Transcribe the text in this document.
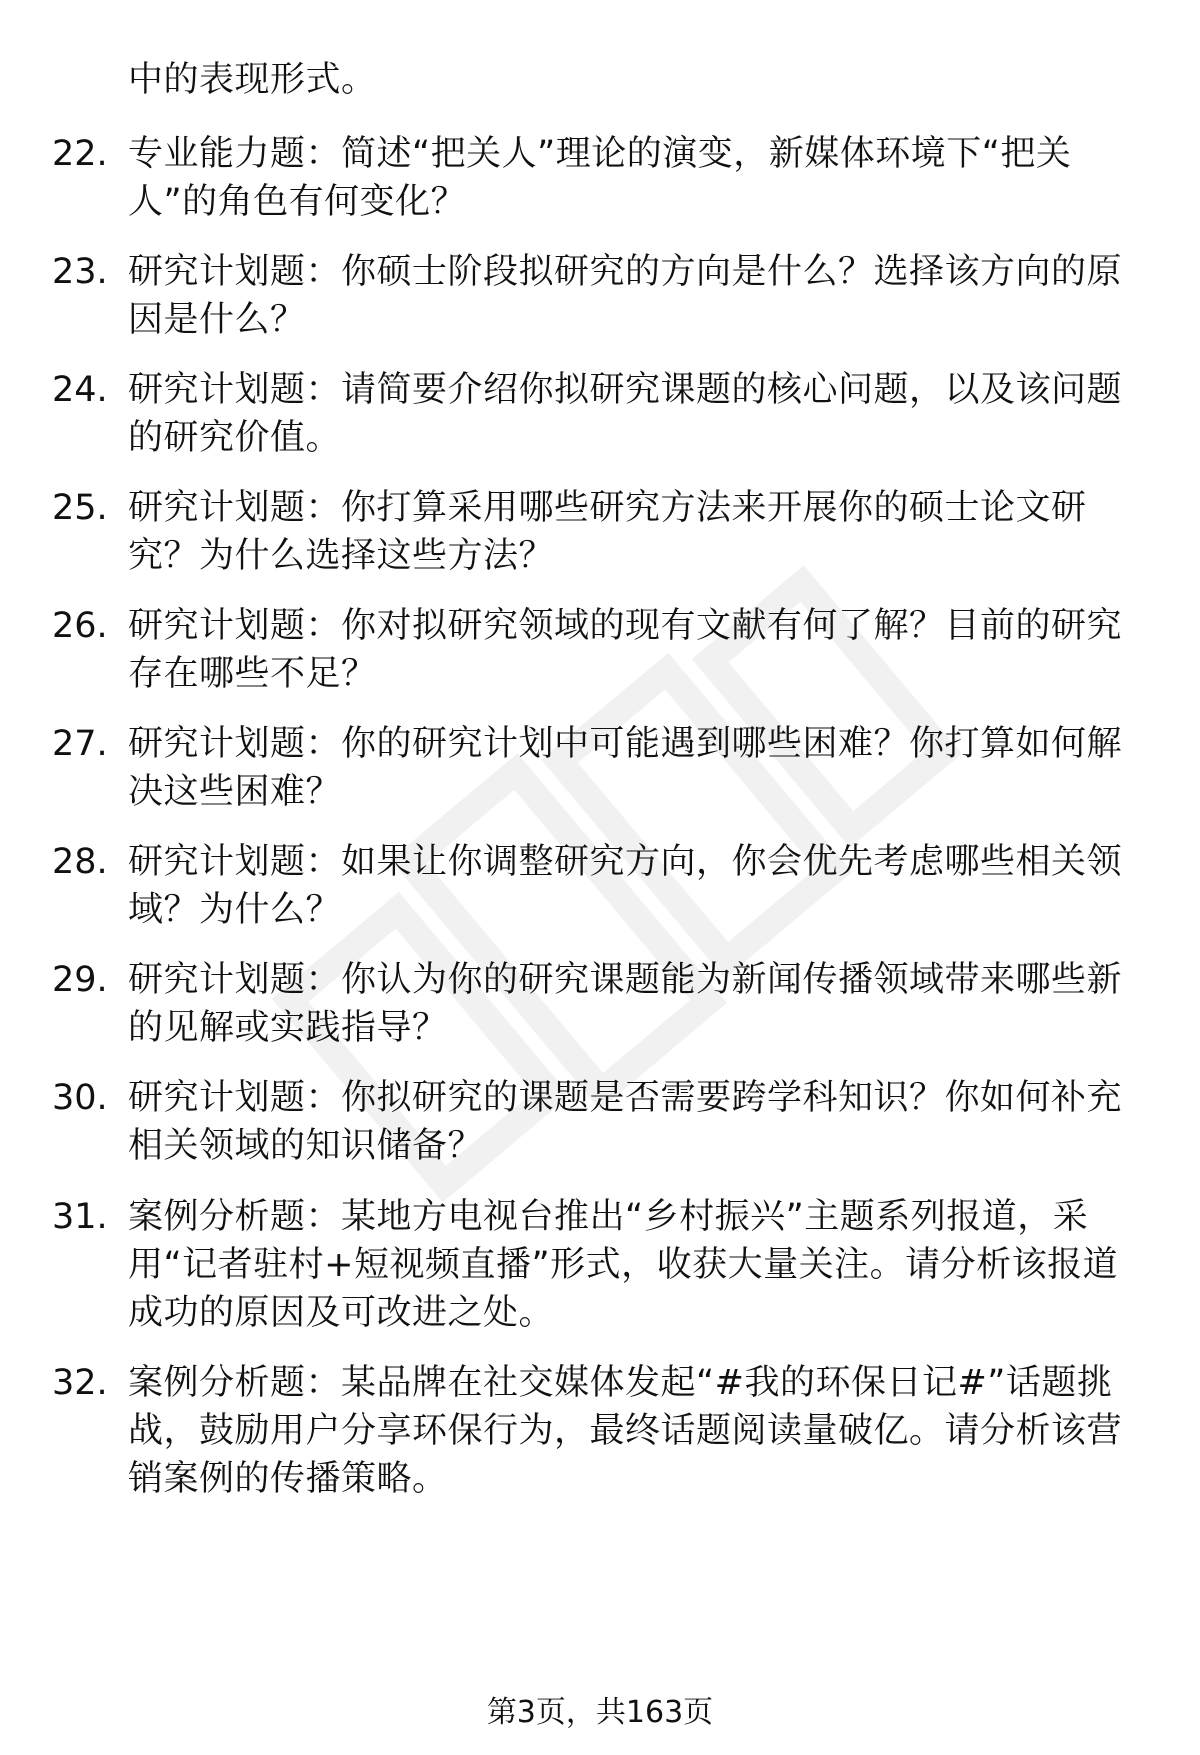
中的表现形式。
22. 专业能力题：简述“把关人”理论的演变，新媒体环境下“把关人”的角色有何变化？
23. 研究计划题：你硕士阶段拟研究的方向是什么？选择该方向的原因是什么？
24. 研究计划题：请简要介绍你拟研究课题的核心问题，以及该问题的研究价值。
25. 研究计划题：你打算采用哪些研究方法来开展你的硕士论文研究？为什么选择这些方法？
26. 研究计划题：你对拟研究领域的现有文献有何了解？目前的研究存在哪些不足？
27. 研究计划题：你的研究计划中可能遇到哪些困难？你打算如何解决这些困难？
28. 研究计划题：如果让你调整研究方向，你会优先考虑哪些相关领域？为什么？
29. 研究计划题：你认为你的研究课题能为新闻传播领域带来哪些新的见解或实践指导？
30. 研究计划题：你拟研究的课题是否需要跨学科知识？你如何补充相关领域的知识储备？
31. 案例分析题：某地方电视台推出“乡村振兴”主题系列报道，采用“记者驻村+短视频直播”形式，收获大量关注。请分析该报道成功的原因及可改进之处。
32. 案例分析题：某品牌在社交媒体发起“#我的环保日记#”话题挑战，鼓励用户分享环保行为，最终话题阅读量破亿。请分析该营销案例的传播策略。
第3页，共163页
